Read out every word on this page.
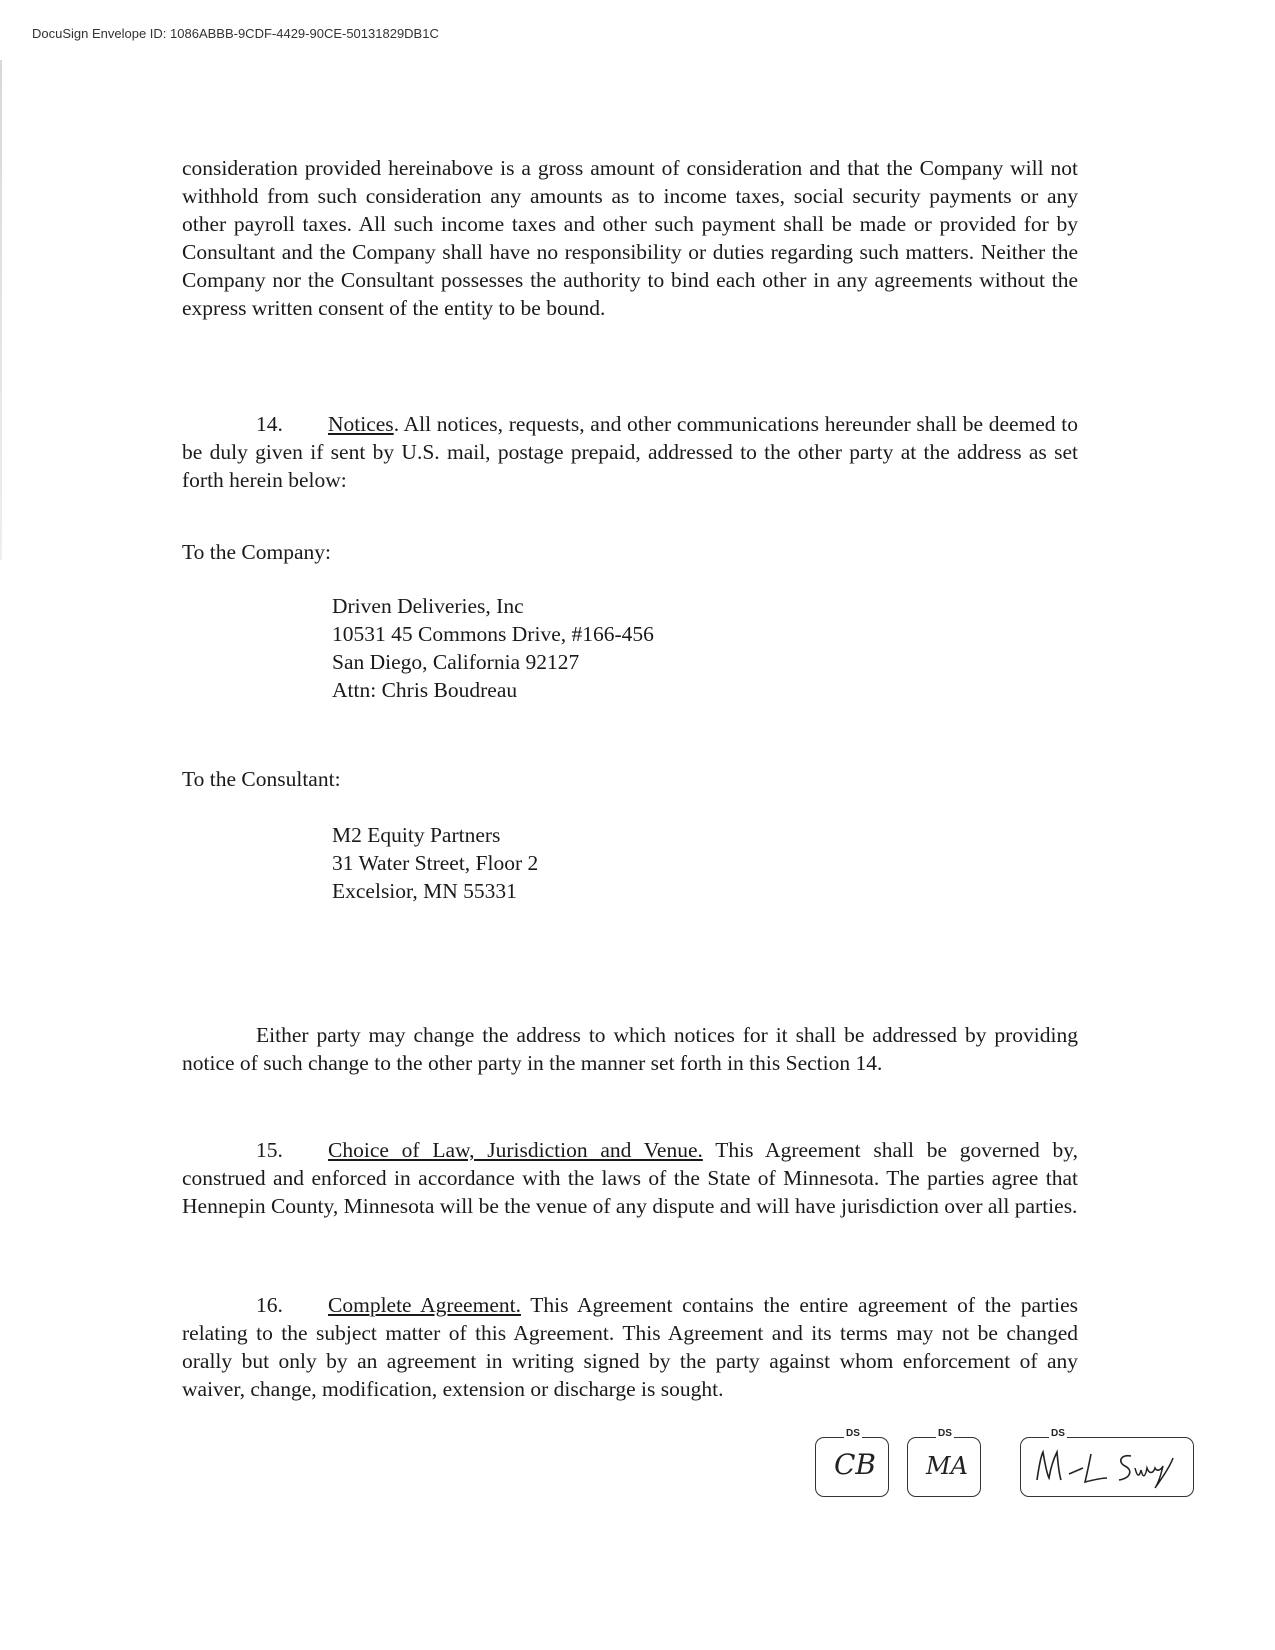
DocuSign Envelope ID: 1086ABBB-9CDF-4429-90CE-50131829DB1C
consideration provided hereinabove is a gross amount of consideration and that the Company will not withhold from such consideration any amounts as to income taxes, social security payments or any other payroll taxes. All such income taxes and other such payment shall be made or provided for by Consultant and the Company shall have no responsibility or duties regarding such matters. Neither the Company nor the Consultant possesses the authority to bind each other in any agreements without the express written consent of the entity to be bound.
14. Notices. All notices, requests, and other communications hereunder shall be deemed to be duly given if sent by U.S. mail, postage prepaid, addressed to the other party at the address as set forth herein below:
To the Company:
Driven Deliveries, Inc
10531 45 Commons Drive, #166-456
San Diego, California 92127
Attn: Chris Boudreau
To the Consultant:
M2 Equity Partners
31 Water Street, Floor 2
Excelsior, MN 55331
Either party may change the address to which notices for it shall be addressed by providing notice of such change to the other party in the manner set forth in this Section 14.
15. Choice of Law, Jurisdiction and Venue. This Agreement shall be governed by, construed and enforced in accordance with the laws of the State of Minnesota. The parties agree that Hennepin County, Minnesota will be the venue of any dispute and will have jurisdiction over all parties.
16. Complete Agreement. This Agreement contains the entire agreement of the parties relating to the subject matter of this Agreement. This Agreement and its terms may not be changed orally but only by an agreement in writing signed by the party against whom enforcement of any waiver, change, modification, extension or discharge is sought.
DS
CB
DS
MA
DS
